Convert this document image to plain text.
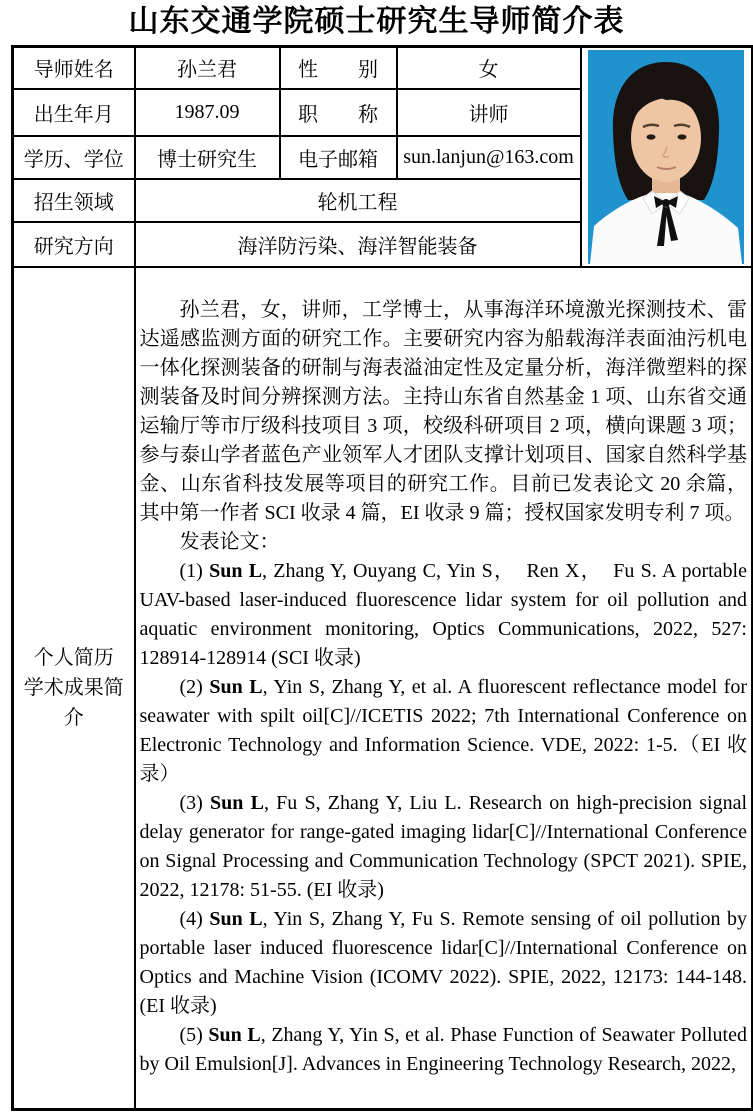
山东交通学院硕士研究生导师简介表
导师姓名	孙兰君	性　　别	女	

出生年月	1987.09	职　　称	讲师	
学历、学位	博士研究生	电子邮箱	sun.lanjun@163.com	
招生领域	轮机工程			
研究方向	海洋防污染、海洋智能装备			

个人简历
学术成果简介

孙兰君，女，讲师，工学博士，从事海洋环境激光探测技术、雷达遥感监测方面的研究工作。主要研究内容为船载海洋表面油污机电一体化探测装备的研制与海表溢油定性及定量分析，海洋微塑料的探测装备及时间分辨探测方法。主持山东省自然基金 1 项、山东省交通运输厅等市厅级科技项目 3 项，校级科研项目 2 项，横向课题 3 项；参与泰山学者蓝色产业领军人才团队支撑计划项目、国家自然科学基金、山东省科技发展等项目的研究工作。目前已发表论文 20 余篇，其中第一作者 SCI 收录 4 篇，EI 收录 9 篇；授权国家发明专利 7 项。

发表论文：

(1) Sun L, Zhang Y, Ouyang C, Yin S，　Ren X，　Fu S. A portable UAV-based laser-induced fluorescence lidar system for oil pollution and aquatic environment monitoring, Optics Communications, 2022, 527: 128914-128914 (SCI 收录)

(2) Sun L, Yin S, Zhang Y, et al. A fluorescent reflectance model for seawater with spilt oil[C]//ICETIS 2022; 7th International Conference on Electronic Technology and Information Science. VDE, 2022: 1-5.（EI 收录）

(3) Sun L, Fu S, Zhang Y, Liu L. Research on high-precision signal delay generator for range-gated imaging lidar[C]//International Conference on Signal Processing and Communication Technology (SPCT 2021). SPIE, 2022, 12178: 51-55. (EI 收录)

(4) Sun L, Yin S, Zhang Y, Fu S. Remote sensing of oil pollution by portable laser induced fluorescence lidar[C]//International Conference on Optics and Machine Vision (ICOMV 2022). SPIE, 2022, 12173: 144-148. (EI 收录)

(5) Sun L, Zhang Y, Yin S, et al. Phase Function of Seawater Polluted by Oil Emulsion[J]. Advances in Engineering Technology Research, 2022,
